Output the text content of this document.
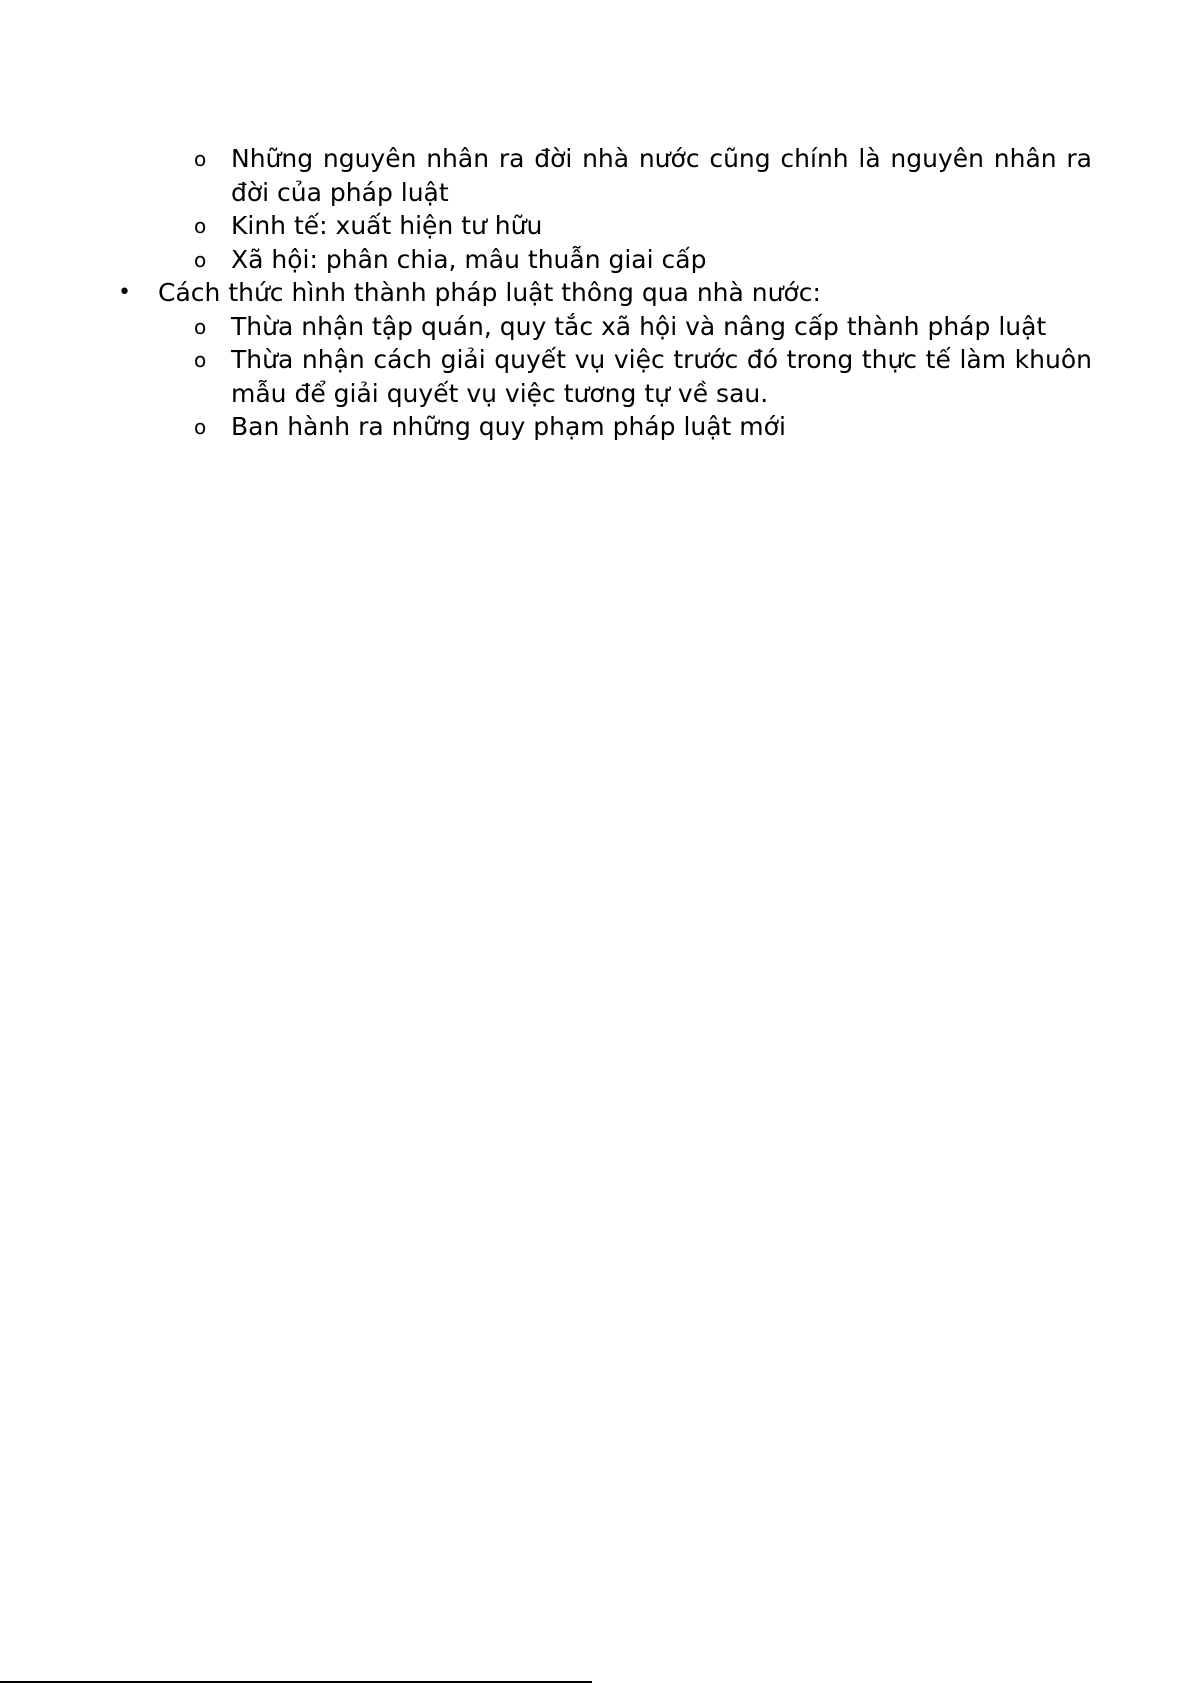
o Những nguyên nhân ra đời nhà nước cũng chính là nguyên nhân ra đời của pháp luật
o Kinh tế: xuất hiện tư hữu
o Xã hội: phân chia, mâu thuẫn giai cấp
• Cách thức hình thành pháp luật thông qua nhà nước:
o Thừa nhận tập quán, quy tắc xã hội và nâng cấp thành pháp luật
o Thừa nhận cách giải quyết vụ việc trước đó trong thực tế làm khuôn mẫu để giải quyết vụ việc tương tự về sau.
o Ban hành ra những quy phạm pháp luật mới
